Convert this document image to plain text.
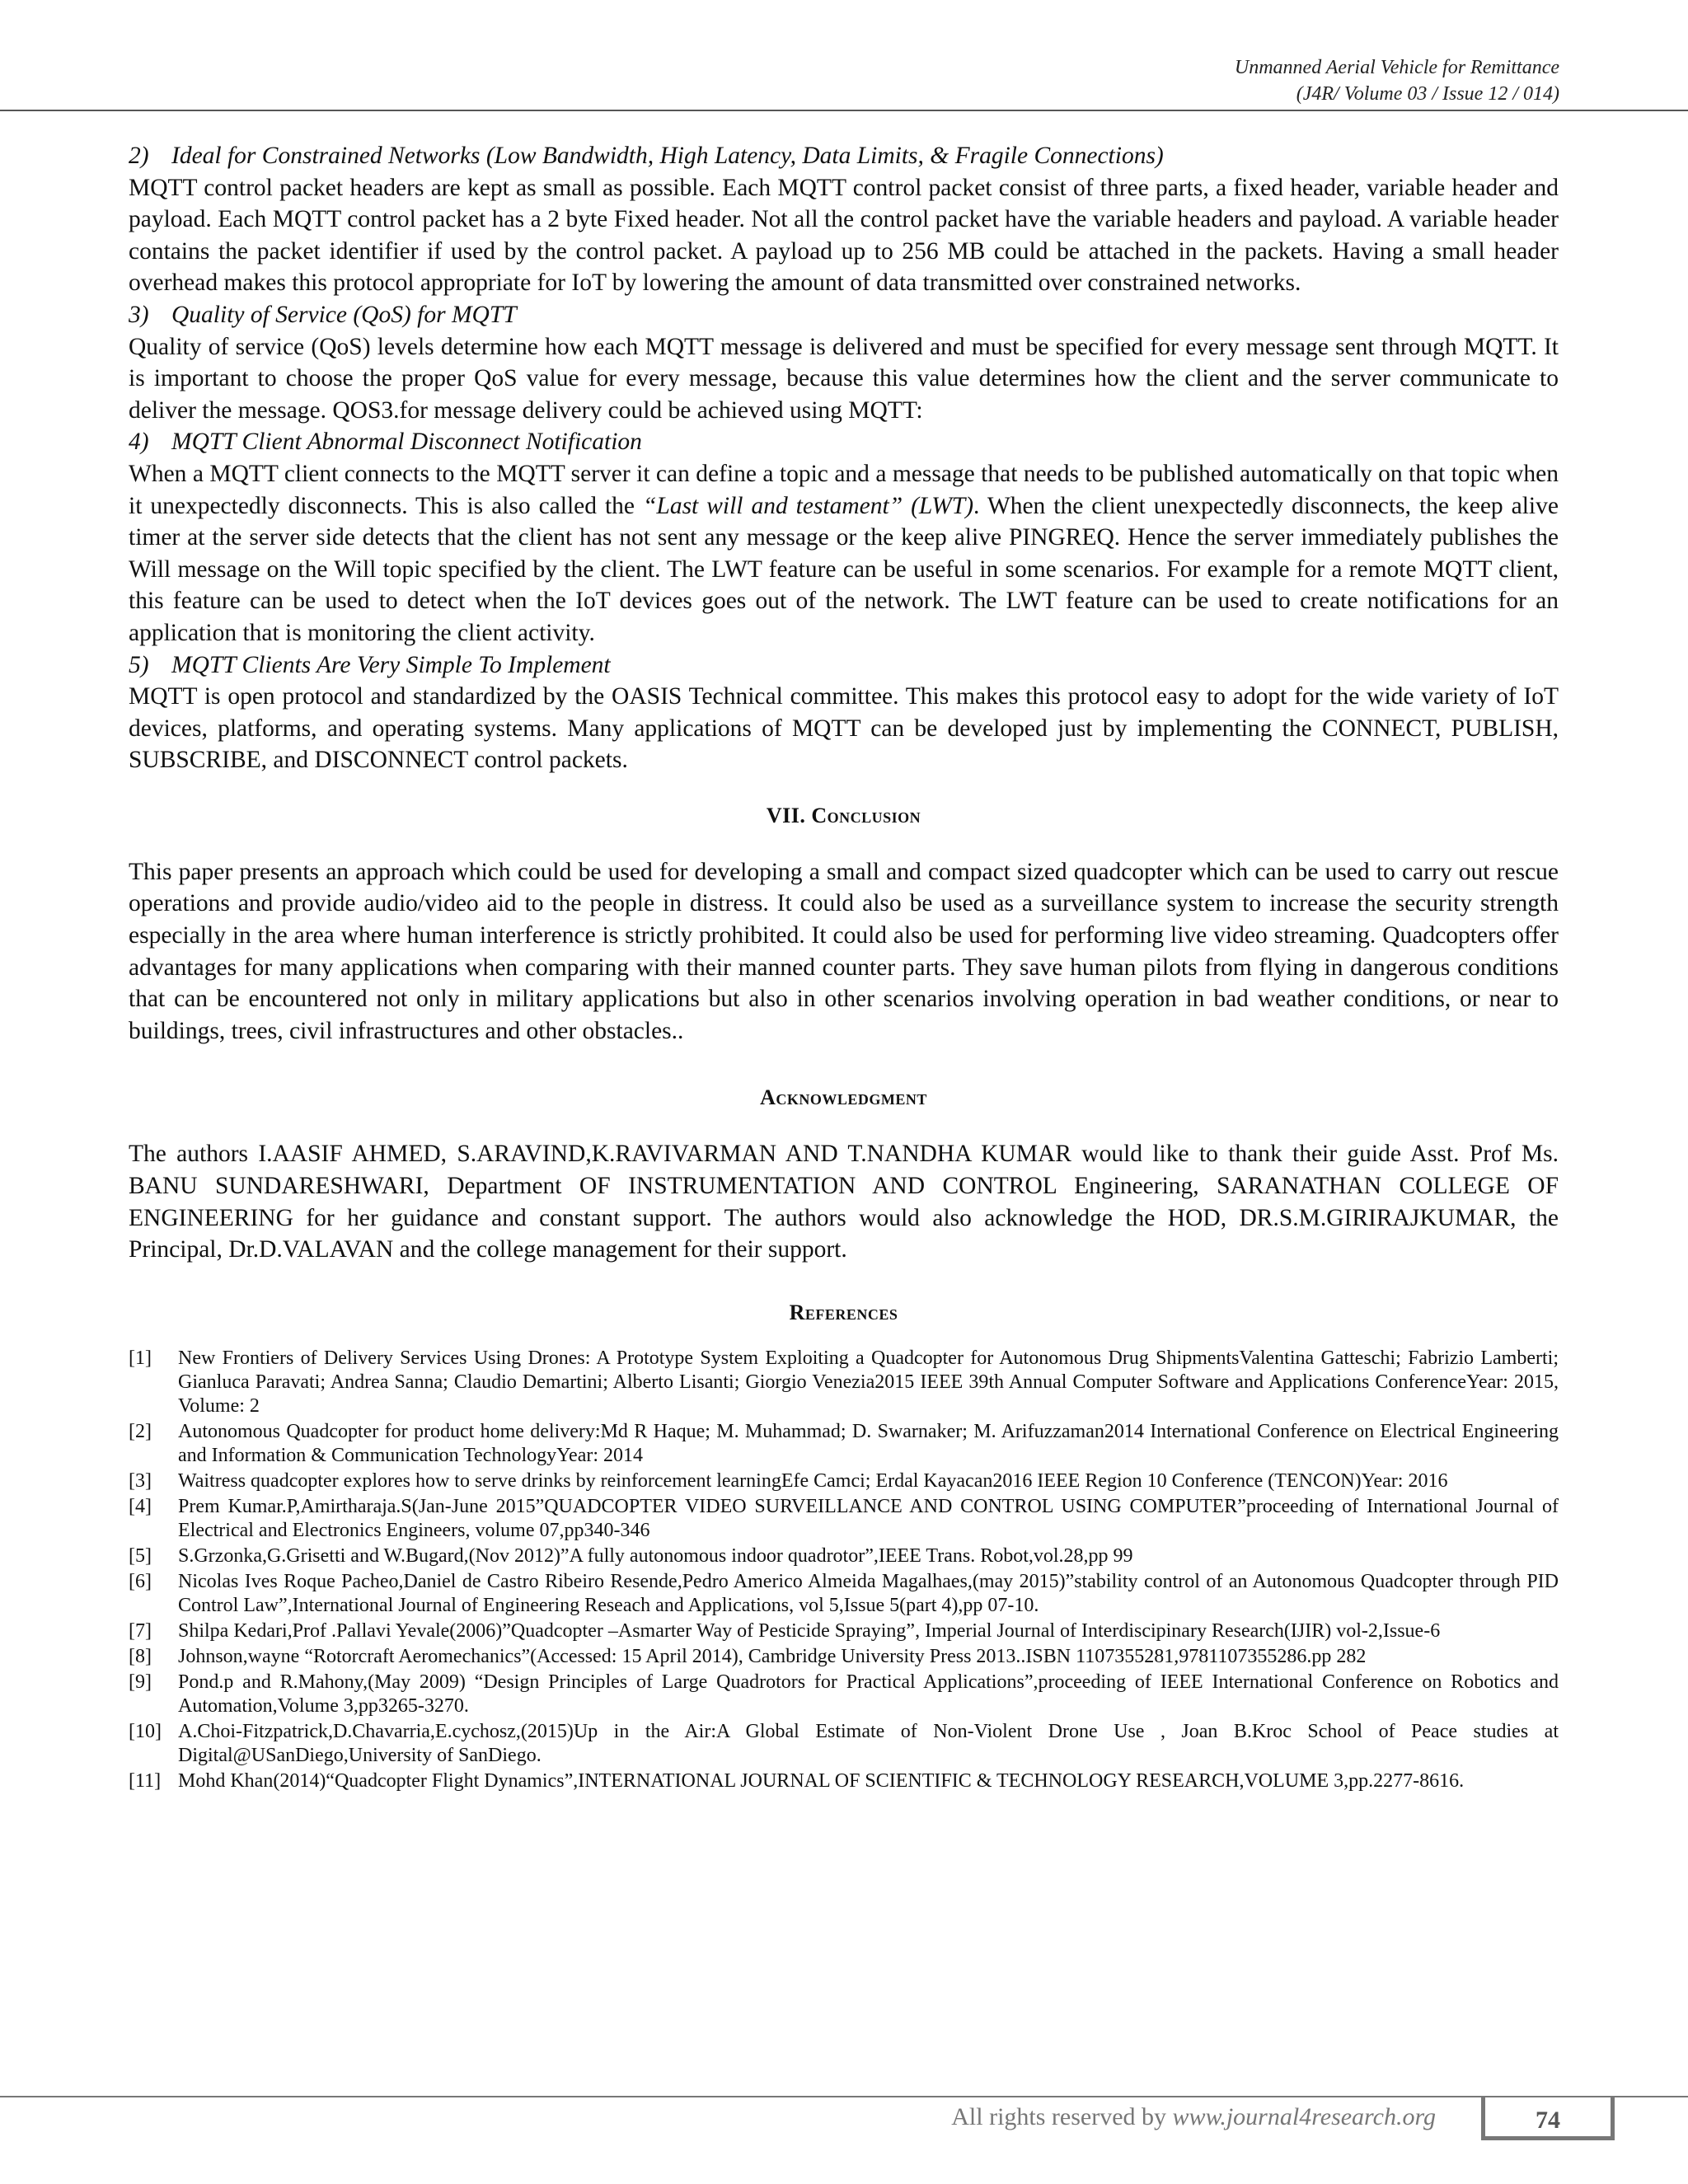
Unmanned Aerial Vehicle for Remittance
(J4R/ Volume 03 / Issue 12 / 014)

2) Ideal for Constrained Networks (Low Bandwidth, High Latency, Data Limits, & Fragile Connections)

MQTT control packet headers are kept as small as possible. Each MQTT control packet consist of three parts, a fixed header, variable header and payload. Each MQTT control packet has a 2 byte Fixed header. Not all the control packet have the variable headers and payload. A variable header contains the packet identifier if used by the control packet. A payload up to 256 MB could be attached in the packets. Having a small header overhead makes this protocol appropriate for IoT by lowering the amount of data transmitted over constrained networks.

3) Quality of Service (QoS) for MQTT

Quality of service (QoS) levels determine how each MQTT message is delivered and must be specified for every message sent through MQTT. It is important to choose the proper QoS value for every message, because this value determines how the client and the server communicate to deliver the message. QOS3.for message delivery could be achieved using MQTT:

4) MQTT Client Abnormal Disconnect Notification

When a MQTT client connects to the MQTT server it can define a topic and a message that needs to be published automatically on that topic when it unexpectedly disconnects. This is also called the “Last will and testament” (LWT). When the client unexpectedly disconnects, the keep alive timer at the server side detects that the client has not sent any message or the keep alive PINGREQ. Hence the server immediately publishes the Will message on the Will topic specified by the client. The LWT feature can be useful in some scenarios. For example for a remote MQTT client, this feature can be used to detect when the IoT devices goes out of the network. The LWT feature can be used to create notifications for an application that is monitoring the client activity.

5) MQTT Clients Are Very Simple To Implement

MQTT is open protocol and standardized by the OASIS Technical committee. This makes this protocol easy to adopt for the wide variety of IoT devices, platforms, and operating systems. Many applications of MQTT can be developed just by implementing the CONNECT, PUBLISH, SUBSCRIBE, and DISCONNECT control packets.

VII. Conclusion

This paper presents an approach which could be used for developing a small and compact sized quadcopter which can be used to carry out rescue operations and provide audio/video aid to the people in distress. It could also be used as a surveillance system to increase the security strength especially in the area where human interference is strictly prohibited. It could also be used for performing live video streaming. Quadcopters offer advantages for many applications when comparing with their manned counter parts. They save human pilots from flying in dangerous conditions that can be encountered not only in military applications but also in other scenarios involving operation in bad weather conditions, or near to buildings, trees, civil infrastructures and other obstacles..

Acknowledgment

The authors I.AASIF AHMED, S.ARAVIND,K.RAVIVARMAN AND T.NANDHA KUMAR would like to thank their guide Asst. Prof Ms. BANU SUNDARESHWARI, Department OF INSTRUMENTATION AND CONTROL Engineering, SARANATHAN COLLEGE OF ENGINEERING for her guidance and constant support. The authors would also acknowledge the HOD, DR.S.M.GIRIRAJKUMAR, the Principal, Dr.D.VALAVAN and the college management for their support.

References
[1]	New Frontiers of Delivery Services Using Drones: A Prototype System Exploiting a Quadcopter for Autonomous Drug ShipmentsValentina Gatteschi; Fabrizio Lamberti; Gianluca Paravati; Andrea Sanna; Claudio Demartini; Alberto Lisanti; Giorgio Venezia2015 IEEE 39th Annual Computer Software and Applications ConferenceYear: 2015, Volume: 2
[2]	Autonomous Quadcopter for product home delivery:Md R Haque; M. Muhammad; D. Swarnaker; M. Arifuzzaman2014 International Conference on Electrical Engineering and Information & Communication TechnologyYear: 2014
[3]	Waitress quadcopter explores how to serve drinks by reinforcement learningEfe Camci; Erdal Kayacan2016 IEEE Region 10 Conference (TENCON)Year: 2016
[4]	Prem Kumar.P,Amirtharaja.S(Jan-June 2015”QUADCOPTER VIDEO SURVEILLANCE AND CONTROL USING COMPUTER”proceeding of International Journal of Electrical and Electronics Engineers, volume 07,pp340-346
[5]	S.Grzonka,G.Grisetti and W.Bugard,(Nov 2012)”A fully autonomous indoor quadrotor”,IEEE Trans. Robot,vol.28,pp 99
[6]	Nicolas Ives Roque Pacheo,Daniel de Castro Ribeiro Resende,Pedro Americo Almeida Magalhaes,(may 2015)”stability control of an Autonomous Quadcopter through PID Control Law”,International Journal of Engineering Reseach and Applications, vol 5,Issue 5(part 4),pp 07-10.
[7]	Shilpa Kedari,Prof .Pallavi Yevale(2006)”Quadcopter –Asmarter Way of Pesticide Spraying”, Imperial Journal of Interdiscipinary Research(IJIR) vol-2,Issue-6
[8]	Johnson,wayne “Rotorcraft Aeromechanics”(Accessed: 15 April 2014), Cambridge University Press 2013..ISBN 1107355281,9781107355286.pp 282
[9]	Pond.p and R.Mahony,(May 2009) “Design Principles of Large Quadrotors for Practical Applications”,proceeding of IEEE International Conference on Robotics and Automation,Volume 3,pp3265-3270.
[10] A.Choi-Fitzpatrick,D.Chavarria,E.cychosz,(2015)Up in the Air:A Global Estimate of Non-Violent Drone Use , Joan B.Kroc School of Peace studies at Digital@USanDiego,University of SanDiego.
[11] Mohd Khan(2014)“Quadcopter Flight Dynamics”,INTERNATIONAL JOURNAL OF SCIENTIFIC & TECHNOLOGY RESEARCH,VOLUME 3,pp.2277-8616.
All rights reserved by www.journal4research.org	74
